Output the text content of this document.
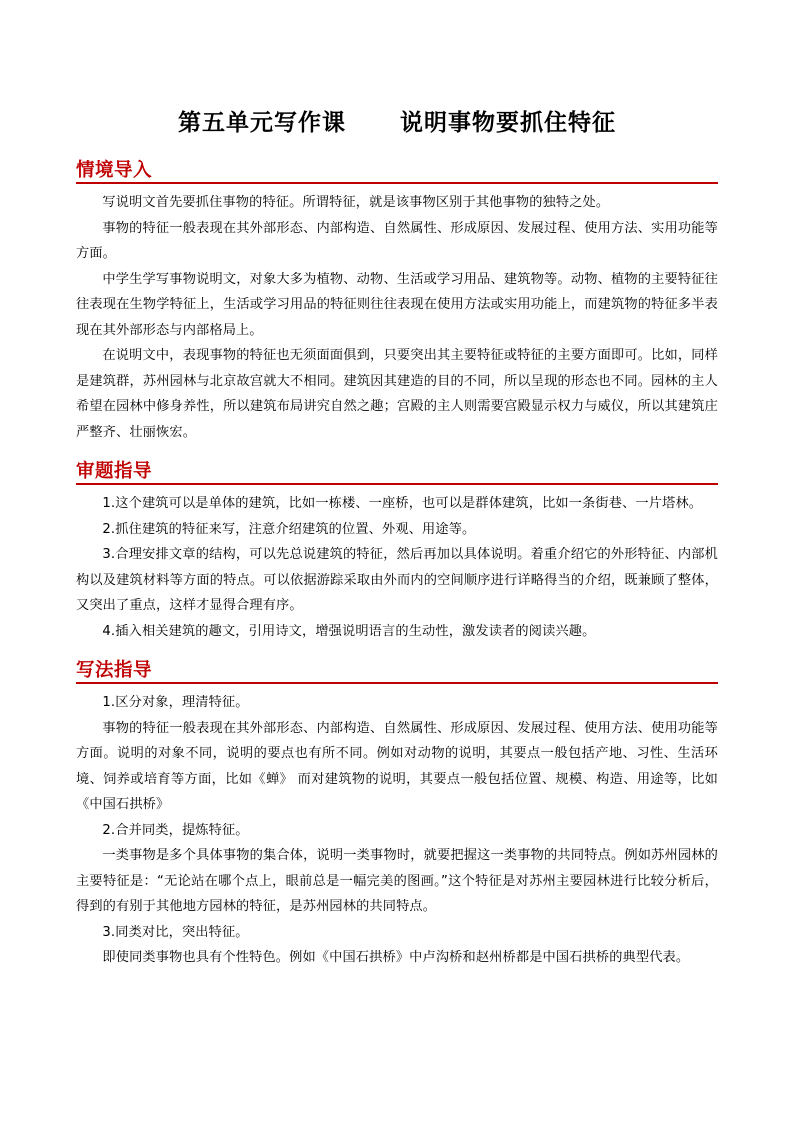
第五单元写作课      说明事物要抓住特征
情境导入

写说明文首先要抓住事物的特征。所谓特征，就是该事物区别于其他事物的独特之处。

事物的特征一般表现在其外部形态、内部构造、自然属性、形成原因、发展过程、使用方法、实用功能等方面。

中学生学写事物说明文，对象大多为植物、动物、生活或学习用品、建筑物等。动物、植物的主要特征往往表现在生物学特征上，生活或学习用品的特征则往往表现在使用方法或实用功能上，而建筑物的特征多半表现在其外部形态与内部格局上。

在说明文中，表现事物的特征也无须面面俱到，只要突出其主要特征或特征的主要方面即可。比如，同样是建筑群，苏州园林与北京故宫就大不相同。建筑因其建造的目的不同，所以呈现的形态也不同。园林的主人希望在园林中修身养性，所以建筑布局讲究自然之趣；宫殿的主人则需要宫殿显示权力与威仪，所以其建筑庄严整齐、壮丽恢宏。

审题指导

1.这个建筑可以是单体的建筑，比如一栋楼、一座桥，也可以是群体建筑，比如一条街巷、一片塔林。

2.抓住建筑的特征来写，注意介绍建筑的位置、外观、用途等。

3.合理安排文章的结构，可以先总说建筑的特征，然后再加以具体说明。着重介绍它的外形特征、内部机构以及建筑材料等方面的特点。可以依据游踪采取由外而内的空间顺序进行详略得当的介绍，既兼顾了整体，又突出了重点，这样才显得合理有序。

4.插入相关建筑的趣文，引用诗文，增强说明语言的生动性，激发读者的阅读兴趣。

写法指导

1.区分对象，理清特征。

事物的特征一般表现在其外部形态、内部构造、自然属性、形成原因、发展过程、使用方法、使用功能等方面。说明的对象不同，说明的要点也有所不同。例如对动物的说明，其要点一般包括产地、习性、生活环境、饲养或培育等方面，比如《蝉》 而对建筑物的说明，其要点一般包括位置、规模、构造、用途等，比如《中国石拱桥》

2.合并同类，提炼特征。

一类事物是多个具体事物的集合体，说明一类事物时，就要把握这一类事物的共同特点。例如苏州园林的主要特征是：“无论站在哪个点上，眼前总是一幅完美的图画。”这个特征是对苏州主要园林进行比较分析后，得到的有别于其他地方园林的特征，是苏州园林的共同特点。

3.同类对比，突出特征。

即使同类事物也具有个性特色。例如《中国石拱桥》中卢沟桥和赵州桥都是中国石拱桥的典型代表。
